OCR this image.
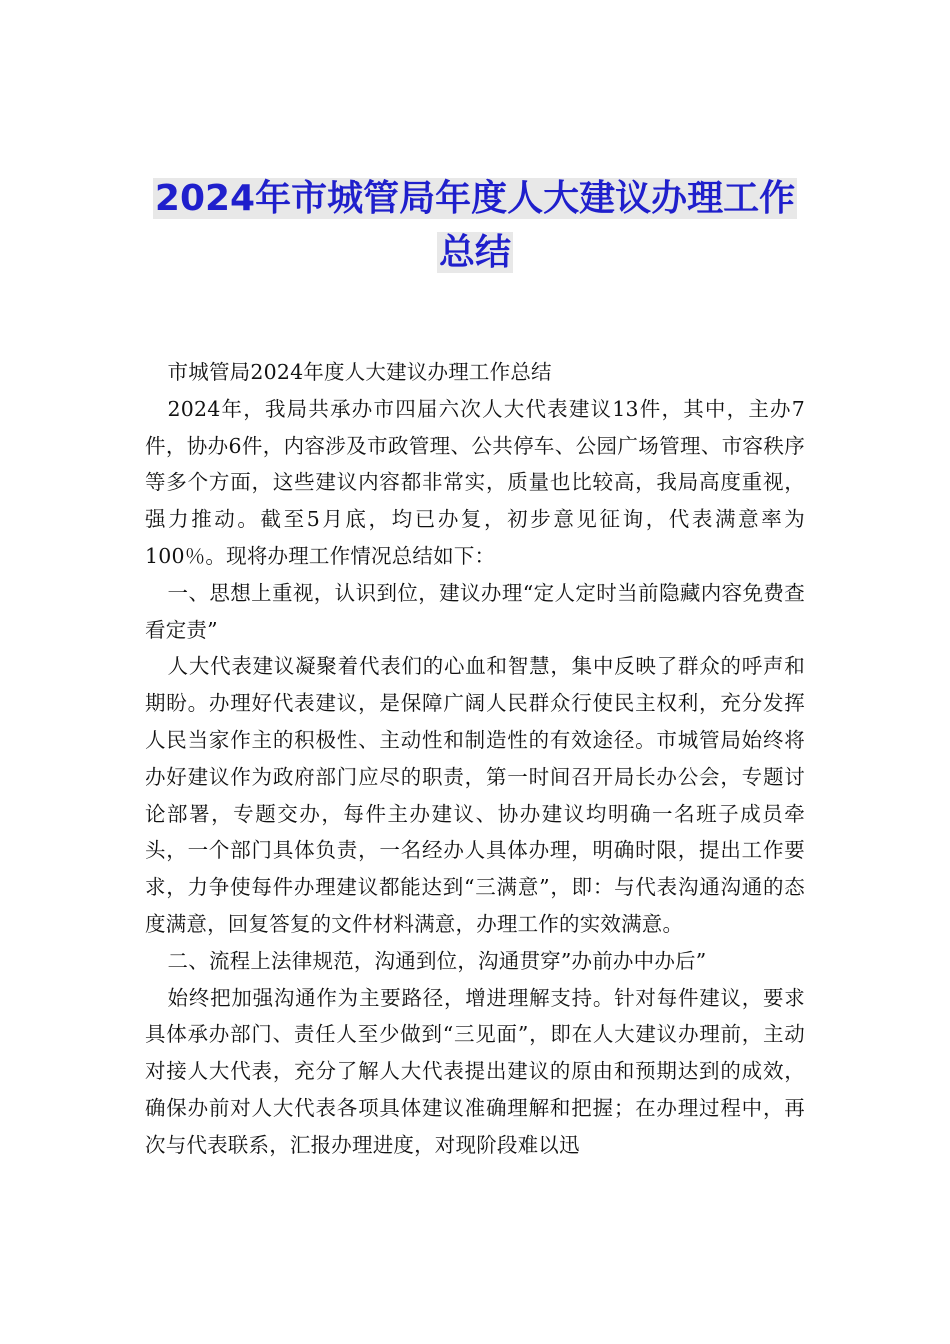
2024年市城管局年度人大建议办理工作
总结

市城管局2024年度人大建议办理工作总结

2024年，我局共承办市四届六次人大代表建议13件，其中，主办7件，协办6件，内容涉及市政管理、公共停车、公园广场管理、市容秩序等多个方面，这些建议内容都非常实，质量也比较高，我局高度重视，强力推动。截至5月底，均已办复，初步意见征询，代表满意率为100％。现将办理工作情况总结如下：

一、思想上重视，认识到位，建议办理“定人定时当前隐藏内容免费查看定责”

人大代表建议凝聚着代表们的心血和智慧，集中反映了群众的呼声和期盼。办理好代表建议，是保障广阔人民群众行使民主权利，充分发挥人民当家作主的积极性、主动性和制造性的有效途径。市城管局始终将办好建议作为政府部门应尽的职责，第一时间召开局长办公会，专题讨论部署，专题交办，每件主办建议、协办建议均明确一名班子成员牵头，一个部门具体负责，一名经办人具体办理，明确时限，提出工作要求，力争使每件办理建议都能达到“三满意”，即：与代表沟通沟通的态度满意，回复答复的文件材料满意，办理工作的实效满意。

二、流程上法律规范，沟通到位，沟通贯穿”办前办中办后”

始终把加强沟通作为主要路径，增进理解支持。针对每件建议，要求具体承办部门、责任人至少做到“三见面”，即在人大建议办理前，主动对接人大代表，充分了解人大代表提出建议的原由和预期达到的成效，确保办前对人大代表各项具体建议准确理解和把握；在办理过程中，再次与代表联系，汇报办理进度，对现阶段难以迅
